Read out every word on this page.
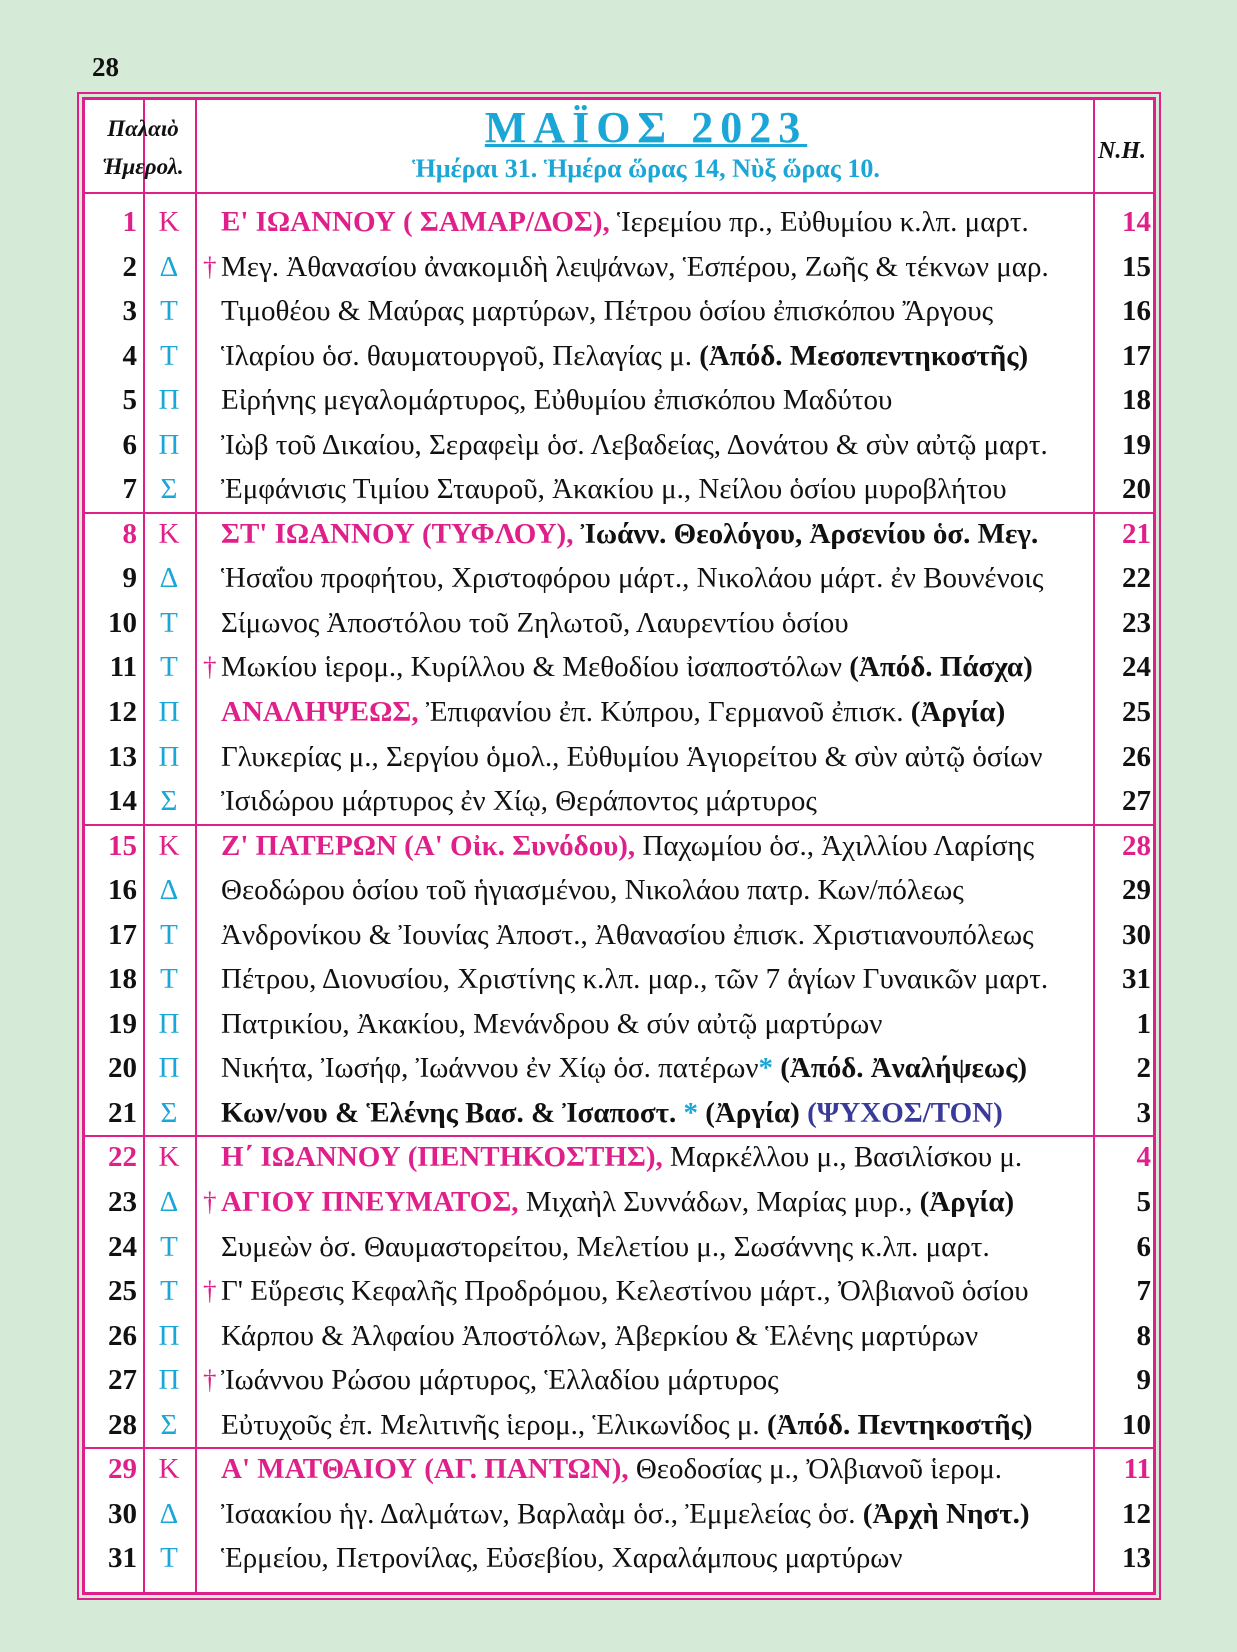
28
Παλαιὸ
Ἡμερολ.
ΜΑΪΟΣ 2023
Ἡμέραι 31. Ἡμέρα ὥρας 14, Νὺξ ὥρας 10.
Ν.Η.
1 Κ	Ε' ΙΩΑΝΝΟΥ ( ΣΑΜΑΡ/ΔΟΣ), Ἱερεμίου πρ., Εὐθυμίου κ.λπ. μαρτ.	14
2 Δ † Μεγ. Ἀθανασίου ἀνακομιδὴ λειψάνων, Ἑσπέρου, Ζωῆς & τέκνων μαρ.	15
3 Τ	Τιμοθέου & Μαύρας μαρτύρων, Πέτρου ὁσίου ἐπισκόπου Ἄργους	16
4 Τ	Ἱλαρίου ὁσ. θαυματουργοῦ, Πελαγίας μ. (Ἀπόδ. Μεσοπεντηκοστῆς)	17
5 Π	Εἰρήνης μεγαλομάρτυρος, Εὐθυμίου ἐπισκόπου Μαδύτου	18
6 Π	Ἰὼβ τοῦ Δικαίου, Σεραφεὶμ ὁσ. Λεβαδείας, Δονάτου & σὺν αὐτῷ μαρτ.	19
7 Σ	Ἐμφάνισις Τιμίου Σταυροῦ, Ἀκακίου μ., Νείλου ὁσίου μυροβλήτου	20
8 Κ	ΣΤ' ΙΩΑΝΝΟΥ (ΤΥΦΛΟΥ), Ἰωάνν. Θεολόγου, Ἀρσενίου ὁσ. Μεγ.	21
9 Δ	Ἡσαΐου προφήτου, Χριστοφόρου μάρτ., Νικολάου μάρτ. ἐν Βουνένοις	22
10 Τ	Σίμωνος Ἀποστόλου τοῦ Ζηλωτοῦ, Λαυρεντίου ὁσίου	23
11 Τ † Μωκίου ἱερομ., Κυρίλλου & Μεθοδίου ἰσαποστόλων (Ἀπόδ. Πάσχα)	24
12 Π	ΑΝΑΛΗΨΕΩΣ, Ἐπιφανίου ἐπ. Κύπρου, Γερμανοῦ ἐπισκ. (Ἀργία)	25
13 Π	Γλυκερίας μ., Σεργίου ὁμολ., Εὐθυμίου Ἁγιορείτου & σὺν αὐτῷ ὁσίων	26
14 Σ	Ἰσιδώρου μάρτυρος ἐν Χίῳ, Θεράποντος μάρτυρος	27
15 Κ	Ζ' ΠΑΤΕΡΩΝ (Α' Οἰκ. Συνόδου), Παχωμίου ὁσ., Ἀχιλλίου Λαρίσης	28
16 Δ	Θεοδώρου ὁσίου τοῦ ἡγιασμένου, Νικολάου πατρ. Κων/πόλεως	29
17 Τ	Ἀνδρονίκου & Ἰουνίας Ἀποστ., Ἀθανασίου ἐπισκ. Χριστιανουπόλεως	30
18 Τ	Πέτρου, Διονυσίου, Χριστίνης κ.λπ. μαρ., τῶν 7 ἁγίων Γυναικῶν μαρτ.	31
19 Π	Πατρικίου, Ἀκακίου, Μενάνδρου & σύν αὐτῷ μαρτύρων	1
20 Π	Νικήτα, Ἰωσήφ, Ἰωάννου ἐν Χίῳ ὁσ. πατέρων* (Ἀπόδ. Ἀναλήψεως)	2
21 Σ	Κων/νου & Ἑλένης Βασ. & Ἰσαποστ. * (Ἀργία) (ΨΥΧΟΣ/ΤΟΝ)	3
22 Κ	Η΄ ΙΩΑΝΝΟΥ (ΠΕΝΤΗΚΟΣΤΗΣ), Μαρκέλλου μ., Βασιλίσκου μ.	4
23 Δ † ΑΓΙΟΥ ΠΝΕΥΜΑΤΟΣ, Μιχαὴλ Συννάδων, Μαρίας μυρ., (Ἀργία)	5
24 Τ	Συμεὼν ὁσ. Θαυμαστορείτου, Μελετίου μ., Σωσάννης κ.λπ. μαρτ.	6
25 Τ † Γ' Εὕρεσις Κεφαλῆς Προδρόμου, Κελεστίνου μάρτ., Ὀλβιανοῦ ὁσίου	7
26 Π	Κάρπου & Ἀλφαίου Ἀποστόλων, Ἀβερκίου & Ἑλένης μαρτύρων	8
27 Π † Ἰωάννου Ρώσου μάρτυρος, Ἑλλαδίου μάρτυρος	9
28 Σ	Εὐτυχοῦς ἐπ. Μελιτινῆς ἱερομ., Ἑλικωνίδος μ. (Ἀπόδ. Πεντηκοστῆς)	10
29 Κ	Α' ΜΑΤΘΑΙΟΥ (ΑΓ. ΠΑΝΤΩΝ), Θεοδοσίας μ., Ὀλβιανοῦ ἱερομ.	11
30 Δ	Ἰσαακίου ἡγ. Δαλμάτων, Βαρλαὰμ ὁσ., Ἐμμελείας ὁσ. (Ἀρχὴ Νηστ.)	12
31 Τ	Ἑρμείου, Πετρονίλας, Εὐσεβίου, Χαραλάμπους μαρτύρων	13
